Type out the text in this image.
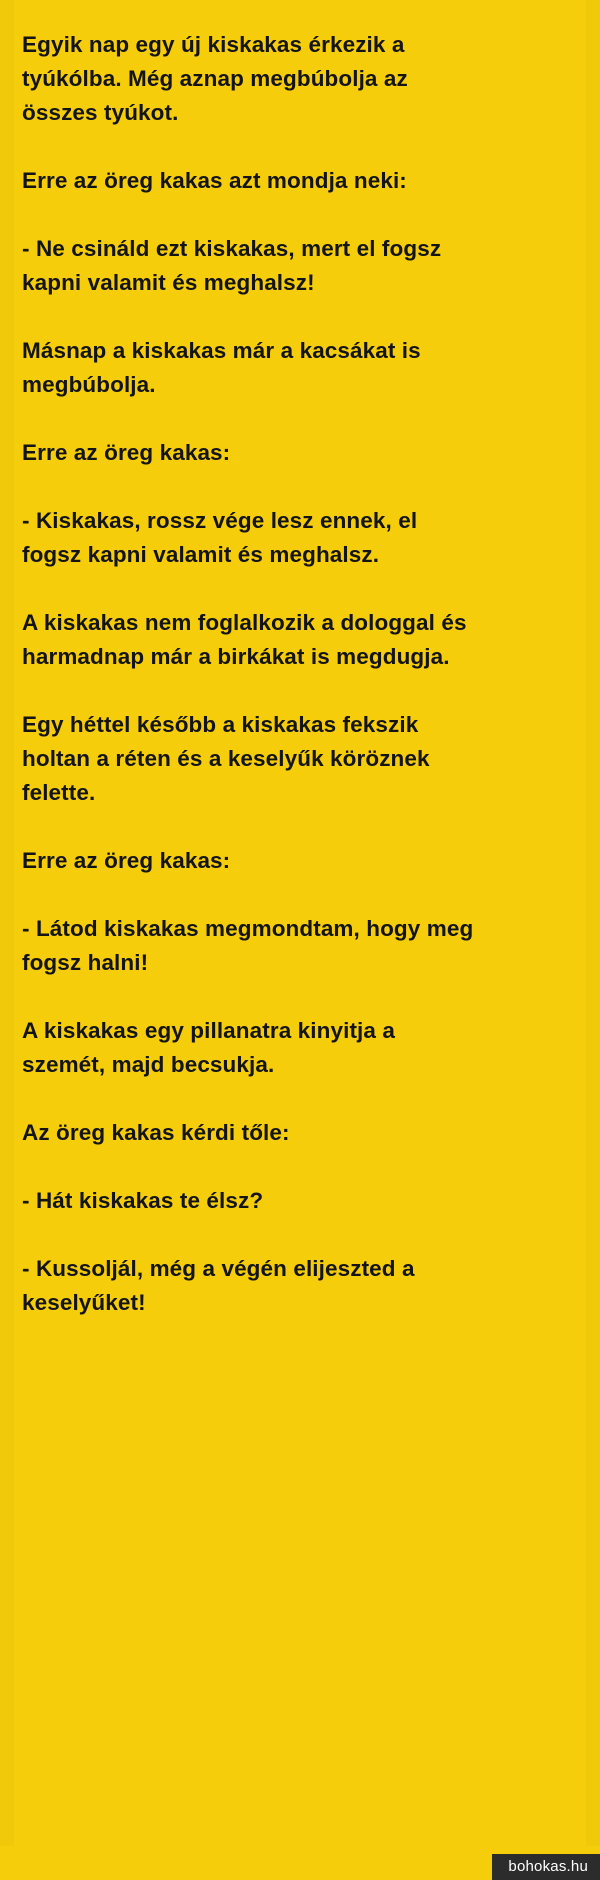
Egyik nap egy új kiskakas érkezik a tyúkólba. Még aznap megbúbolja az összes tyúkot.

Erre az öreg kakas azt mondja neki:

- Ne csináld ezt kiskakas, mert el fogsz kapni valamit és meghalsz!

Másnap a kiskakas már a kacsákat is megbúbolja.

Erre az öreg kakas:

- Kiskakas, rossz vége lesz ennek, el fogsz kapni valamit és meghalsz.

A kiskakas nem foglalkozik a dologgal és harmadnap már a birkákat is megdugja.

Egy héttel később a kiskakas fekszik holtan a réten és a keselyűk köröznek felette.

Erre az öreg kakas:

- Látod kiskakas megmondtam, hogy meg fogsz halni!

A kiskakas egy pillanatra kinyitja a szemét, majd becsukja.

Az öreg kakas kérdi tőle:

- Hát kiskakas te élsz?

- Kussoljál, még a végén elijeszted a keselyűket!

bohokas.hu
